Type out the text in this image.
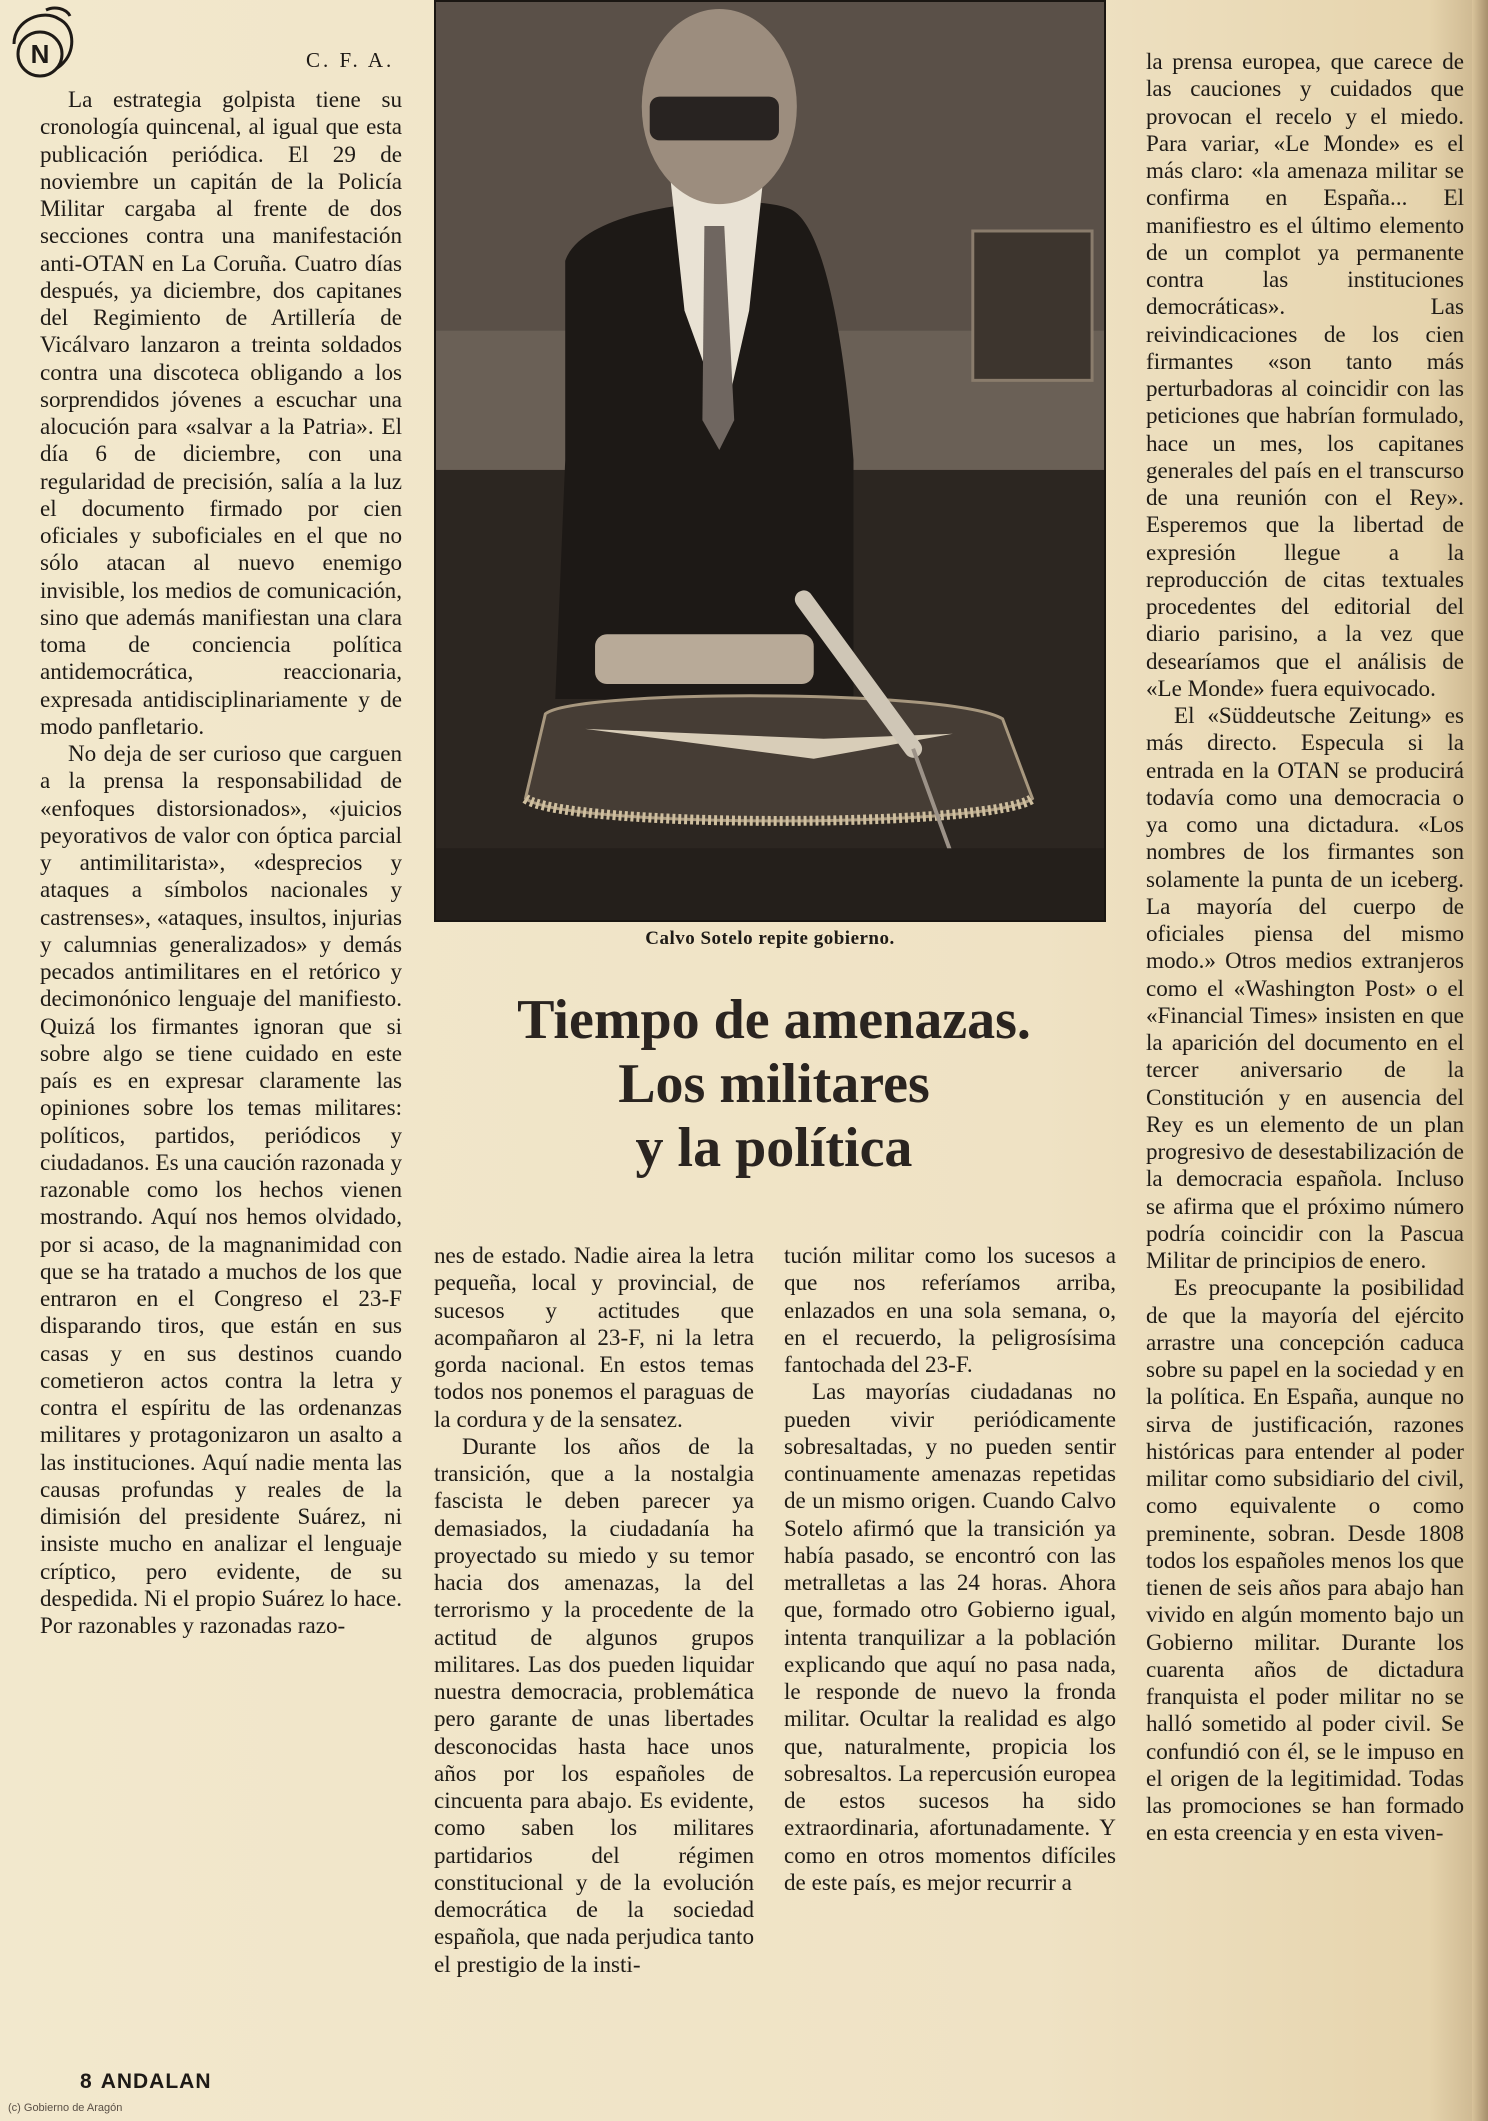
N	C. F. A.

La estrategia golpista tiene su cronología quincenal, al igual que esta publicación periódica. El 29 de noviembre un capitán de la Policía Militar cargaba al frente de dos secciones contra una manifestación anti-OTAN en La Coruña. Cuatro días después, ya diciembre, dos capitanes del Regimiento de Artillería de Vicálvaro lanzaron a treinta soldados contra una discoteca obligando a los sorprendidos jóvenes a escuchar una alocución para «salvar a la Patria». El día 6 de diciembre, con una regularidad de precisión, salía a la luz el documento firmado por cien oficiales y suboficiales en el que no sólo atacan al nuevo enemigo invisible, los medios de comunicación, sino que además manifiestan una clara toma de conciencia política antidemocrática, reaccionaria, expresada antidisciplinariamente y de modo panfletario.

No deja de ser curioso que carguen a la prensa la responsabilidad de «enfoques distorsionados», «juicios peyorativos de valor con óptica parcial y antimilitarista», «desprecios y ataques a símbolos nacionales y castrenses», «ataques, insultos, injurias y calumnias generalizados» y demás pecados antimilitares en el retórico y decimonónico lenguaje del manifiesto. Quizá los firmantes ignoran que si sobre algo se tiene cuidado en este país es en expresar claramente las opiniones sobre los temas militares: políticos, partidos, periódicos y ciudadanos. Es una caución razonada y razonable como los hechos vienen mostrando. Aquí nos hemos olvidado, por si acaso, de la magnanimidad con que se ha tratado a muchos de los que entraron en el Congreso el 23-F disparando tiros, que están en sus casas y en sus destinos cuando cometieron actos contra la letra y contra el espíritu de las ordenanzas militares y protagonizaron un asalto a las instituciones. Aquí nadie menta las causas profundas y reales de la dimisión del presidente Suárez, ni insiste mucho en analizar el lenguaje críptico, pero evidente, de su despedida. Ni el propio Suárez lo hace. Por razonables y razonadas razo-

Calvo Sotelo repite gobierno.
Tiempo de amenazas.
Los militares
y la política

nes de estado. Nadie airea la letra pequeña, local y provincial, de sucesos y actitudes que acompañaron al 23-F, ni la letra gorda nacional. En estos temas todos nos ponemos el paraguas de la cordura y de la sensatez.

Durante los años de la transición, que a la nostalgia fascista le deben parecer ya demasiados, la ciudadanía ha proyectado su miedo y su temor hacia dos amenazas, la del terrorismo y la procedente de la actitud de algunos grupos militares. Las dos pueden liquidar nuestra democracia, problemática pero garante de unas libertades desconocidas hasta hace unos años por los españoles de cincuenta para abajo. Es evidente, como saben los militares partidarios del régimen constitucional y de la evolución democrática de la sociedad española, que nada perjudica tanto el prestigio de la insti-

tución militar como los sucesos a que nos referíamos arriba, enlazados en una sola semana, o, en el recuerdo, la peligrosísima fantochada del 23-F.

Las mayorías ciudadanas no pueden vivir periódicamente sobresaltadas, y no pueden sentir continuamente amenazas repetidas de un mismo origen. Cuando Calvo Sotelo afirmó que la transición ya había pasado, se encontró con las metralletas a las 24 horas. Ahora que, formado otro Gobierno igual, intenta tranquilizar a la población explicando que aquí no pasa nada, le responde de nuevo la fronda militar. Ocultar la realidad es algo que, naturalmente, propicia los sobresaltos. La repercusión europea de estos sucesos ha sido extraordinaria, afortunadamente. Y como en otros momentos difíciles de este país, es mejor recurrir a

la prensa europea, que carece de las cauciones y cuidados que provocan el recelo y el miedo. Para variar, «Le Monde» es el más claro: «la amenaza militar se confirma en España... El manifiestro es el último elemento de un complot ya permanente contra las instituciones democráticas». Las reivindicaciones de los cien firmantes «son tanto más perturbadoras al coincidir con las peticiones que habrían formulado, hace un mes, los capitanes generales del país en el transcurso de una reunión con el Rey». Esperemos que la libertad de expresión llegue a la reproducción de citas textuales procedentes del editorial del diario parisino, a la vez que desearíamos que el análisis de «Le Monde» fuera equivocado.

El «Süddeutsche Zeitung» es más directo. Especula si la entrada en la OTAN se producirá todavía como una democracia o ya como una dictadura. «Los nombres de los firmantes son solamente la punta de un iceberg. La mayoría del cuerpo de oficiales piensa del mismo modo.» Otros medios extranjeros como el «Washington Post» o el «Financial Times» insisten en que la aparición del documento en el tercer aniversario de la Constitución y en ausencia del Rey es un elemento de un plan progresivo de desestabilización de la democracia española. Incluso se afirma que el próximo número podría coincidir con la Pascua Militar de principios de enero.

Es preocupante la posibilidad de que la mayoría del ejército arrastre una concepción caduca sobre su papel en la sociedad y en la política. En España, aunque no sirva de justificación, razones históricas para entender al poder militar como subsidiario del civil, como equivalente o como preminente, sobran. Desde 1808 todos los españoles menos los que tienen de seis años para abajo han vivido en algún momento bajo un Gobierno militar. Durante los cuarenta años de dictadura franquista el poder militar no se halló sometido al poder civil. Se confundió con él, se le impuso en el origen de la legitimidad. Todas las promociones se han formado en esta creencia y en esta viven-

8 ANDALAN
(c) Gobierno de Aragón
